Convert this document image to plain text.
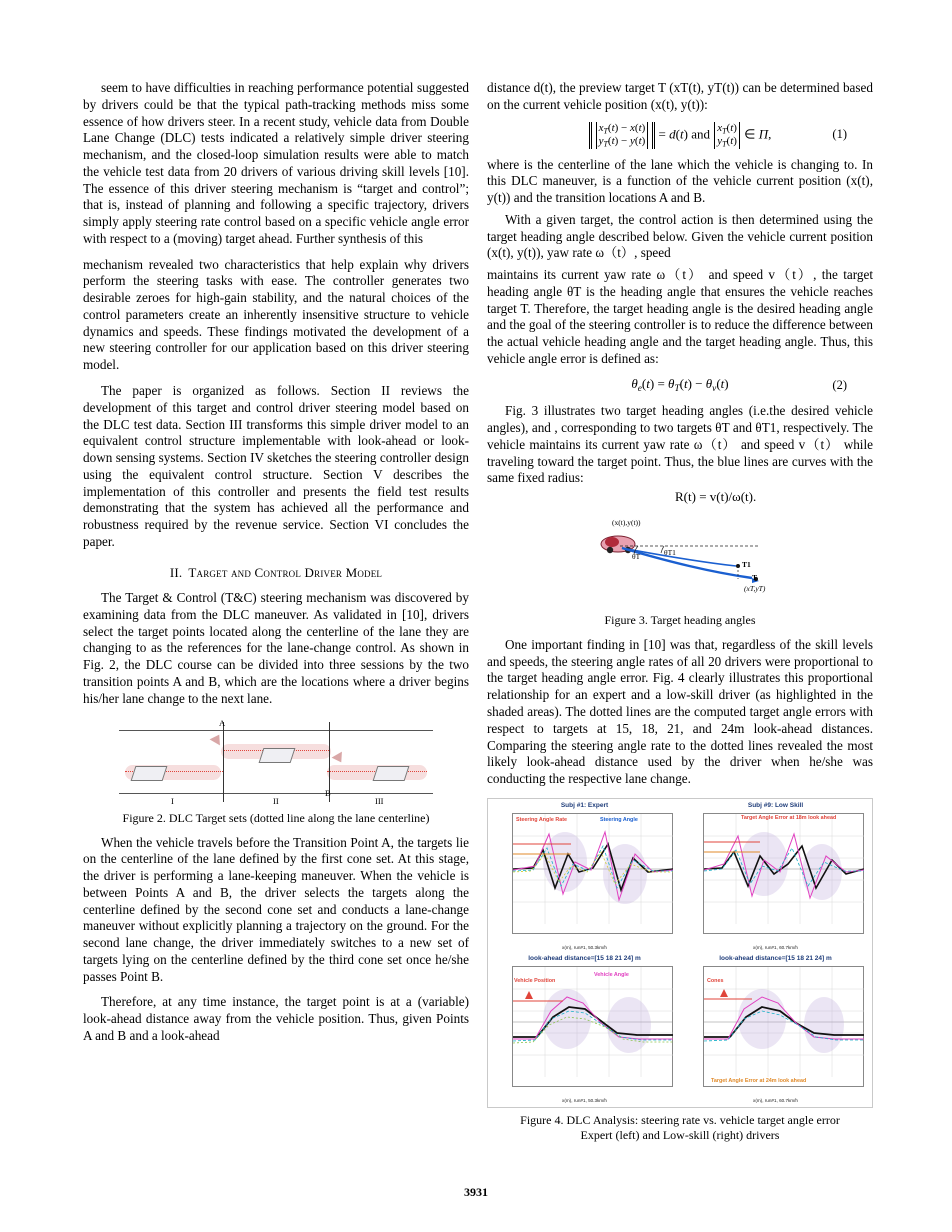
seem to have difficulties in reaching performance potential suggested by drivers could be that the typical path-tracking methods miss some essence of how drivers steer. In a recent study, vehicle data from Double Lane Change (DLC) tests indicated a relatively simple driver steering mechanism, and the closed-loop simulation results were able to match the vehicle test data from 20 drivers of various driving skill levels [10]. The essence of this driver steering mechanism is “target and control”; that is, instead of planning and following a specific trajectory, drivers simply apply steering rate control based on a specific vehicle angle error with respect to a (moving) target ahead. Further synthesis of this

mechanism revealed two characteristics that help explain why drivers perform the steering tasks with ease. The controller generates two desirable zeroes for high-gain stability, and the natural choices of the control parameters create an inherently insensitive structure to vehicle dynamics and speeds. These findings motivated the development of a new steering controller for our application based on this driver steering model.

The paper is organized as follows. Section II reviews the development of this target and control driver steering model based on the DLC test data. Section III transforms this simple driver model to an equivalent control structure implementable with look-ahead or look-down sensing systems. Section IV sketches the steering controller design using the equivalent control structure. Section V describes the implementation of this controller and presents the field test results demonstrating that the system has achieved all the performance and robustness required by the revenue service. Section VI concludes the paper.

II. Target and Control Driver Model

The Target & Control (T&C) steering mechanism was discovered by examining data from the DLC maneuver. As validated in [10], drivers select the target points located along the centerline of the lane they are changing to as the references for the lane-change control. As shown in Fig. 2, the DLC course can be divided into three sessions by the two transition points A and B, which are the locations where a driver begins his/her lane change to the next lane.

A
B
I	II	III
Figure 2. DLC Target sets (dotted line along the lane centerline)

When the vehicle travels before the Transition Point A, the targets lie on the centerline of the lane defined by the first cone set. At this stage, the driver is performing a lane-keeping maneuver. When the vehicle is between Points A and B, the driver selects the targets along the centerline defined by the second cone set and conducts a lane-change maneuver without explicitly planning a trajectory on the ground. For the second lane change, the driver immediately switches to a new set of targets lying on the centerline defined by the third cone set once he/she passes Point B.

Therefore, at any time instance, the target point is at a (variable) look-ahead distance away from the vehicle position. Thus, given Points A and B and a look-ahead

distance d(t), the preview target T (xT(t), yT(t)) can be determined based on the current vehicle position (x(t), y(t)):

$x_T(t) - x(t)$
$y_T(t) - y(t) = d(t)$ and $x_T(t)$
$y_T(t)$ ∈ Π,	(1)

where is the centerline of the lane which the vehicle is changing to. In this DLC maneuver, is a function of the vehicle current position (x(t), y(t)) and the transition locations A and B.

With a given target, the control action is then determined using the target heading angle described below. Given the vehicle current position (x(t), y(t)), yaw rate ω（t）, speed

maintains its current yaw rate ω（t） and speed v（t）, the target heading angle θT is the heading angle that ensures the vehicle reaches target T. Therefore, the target heading angle is the desired heading angle and the goal of the steering controller is to reduce the difference between the actual vehicle heading angle and the target heading angle. Thus, this vehicle angle error is defined as:

$\theta_e(t) = \theta_T(t) - \theta_v(t)$	(2)

Fig. 3 illustrates two target heading angles (i.e.the desired vehicle angles), and , corresponding to two targets θT and θT1, respectively. The vehicle maintains its current yaw rate ω（t） and speed v（t） while traveling toward the target point. Thus, the blue lines are curves with the same fixed radius:

R(t) = v(t)/ω(t).
(x(t),y(t))
θT	θT1
T1
T
(xT,yT)
Figure 3. Target heading angles

One important finding in [10] was that, regardless of the skill levels and speeds, the steering angle rates of all 20 drivers were proportional to the target heading angle error. Fig. 4 clearly illustrates this proportional relationship for an expert and a low-skill driver (as highlighted in the shaded areas). The dotted lines are the computed target angle errors with respect to targets at 15, 18, 21, and 24m look-ahead distances. Comparing the steering angle rate to the dotted lines revealed the most likely look-ahead distance used by the driver when he/she was conducting the respective lane change.

Subj #1: Expert
Steering Angle Rate	Steering Angle
x(m), run#1, 50.3km/h
Subj #9: Low Skill
Target Angle Error at 18m look ahead
x(m), run#1, 60.7km/h
look-ahead distance=[15 18 21 24] m
Vehicle Position
Vehicle Angle
x(m), run#1, 50.3km/h
look-ahead distance=[15 18 21 24] m
Cones
Target Angle Error at 24m look ahead
x(m), run#1, 60.7km/h
Figure 4. DLC Analysis: steering rate vs. vehicle target angle error
Expert (left) and Low-skill (right) drivers
3931
